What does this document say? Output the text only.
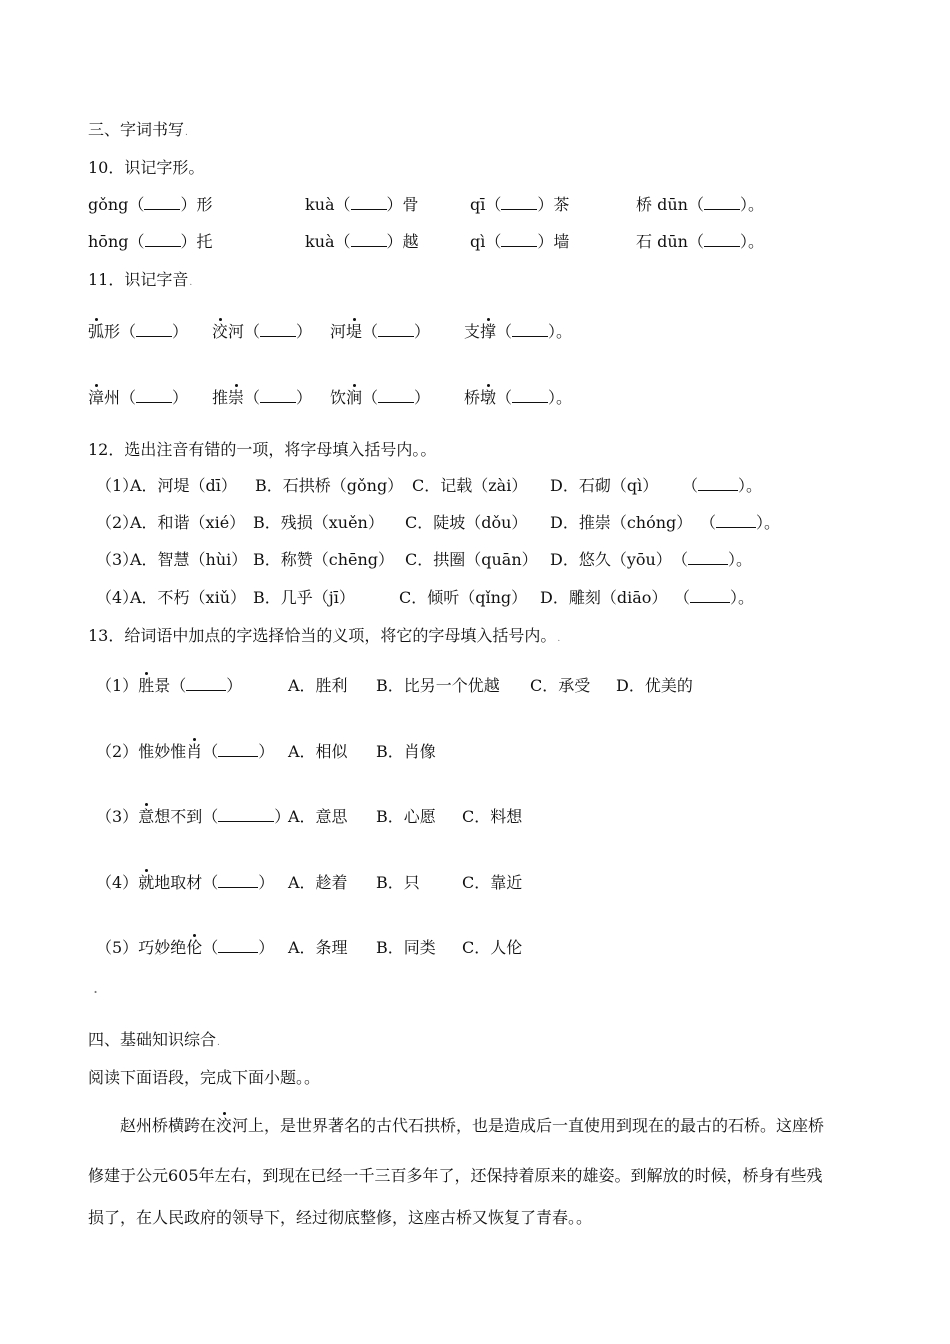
三、字词书写.
10．识记字形。
gǒng（ ）形	kuà（ ）骨	qī（ ）茶	桥 dūn（ ）。
hōng（ ）托	kuà（ ）越	qì（ ）墙	石 dūn（ ）。
11．识记字音.
弧形（ ） 洨河（ ） 河堤（ ） 支撑（ ）。
漳州（ ） 推崇（ ） 饮涧（ ） 桥墩（ ）。
12．选出注音有错的一项，将字母填入括号内。。
（1）
A．河堤（dī） B．石拱桥（gǒng） C．记载（zài） D．石砌（qì） （	）。
（2）
A．和谐（xié） B．残损（xuěn） C．陡坡（dǒu） D．推崇（chóng） （	）。
（3）
A．智慧（hùi） B．称赞（chēng） C．拱圈（quān） D．悠久（yōu） （	）。
（4）
A．不朽（xiǔ） B．几乎（jī）	C．倾听（qǐng） D．雕刻（diāo） （	）。
13．给词语中加点的字选择恰当的义项，将它的字母填入括号内。.
（1）胜景（	）	A．胜利 B．比另一个优越 C．承受 D．优美的
（2）惟妙惟肖（	） A．相似 B．肖像
（3）意想不到（	）
A．意思 B．心愿 C．料想
（4）就地取材（	） A．趁着 B．只	C．靠近
（5）巧妙绝伦（	） A．条理 B．同类 C．人伦
.
四、基础知识综合.
阅读下面语段，完成下面小题。。
赵州桥横跨在洨河上，是世界著名的古代石拱桥，也是造成后一直使用到现在的最古的石桥。这座桥
修建于公元605年左右，到现在已经一千三百多年了，还保持着原来的雄姿。到解放的时候，桥身有些残
损了，在人民政府的领导下，经过彻底整修，这座古桥又恢复了青春。。
